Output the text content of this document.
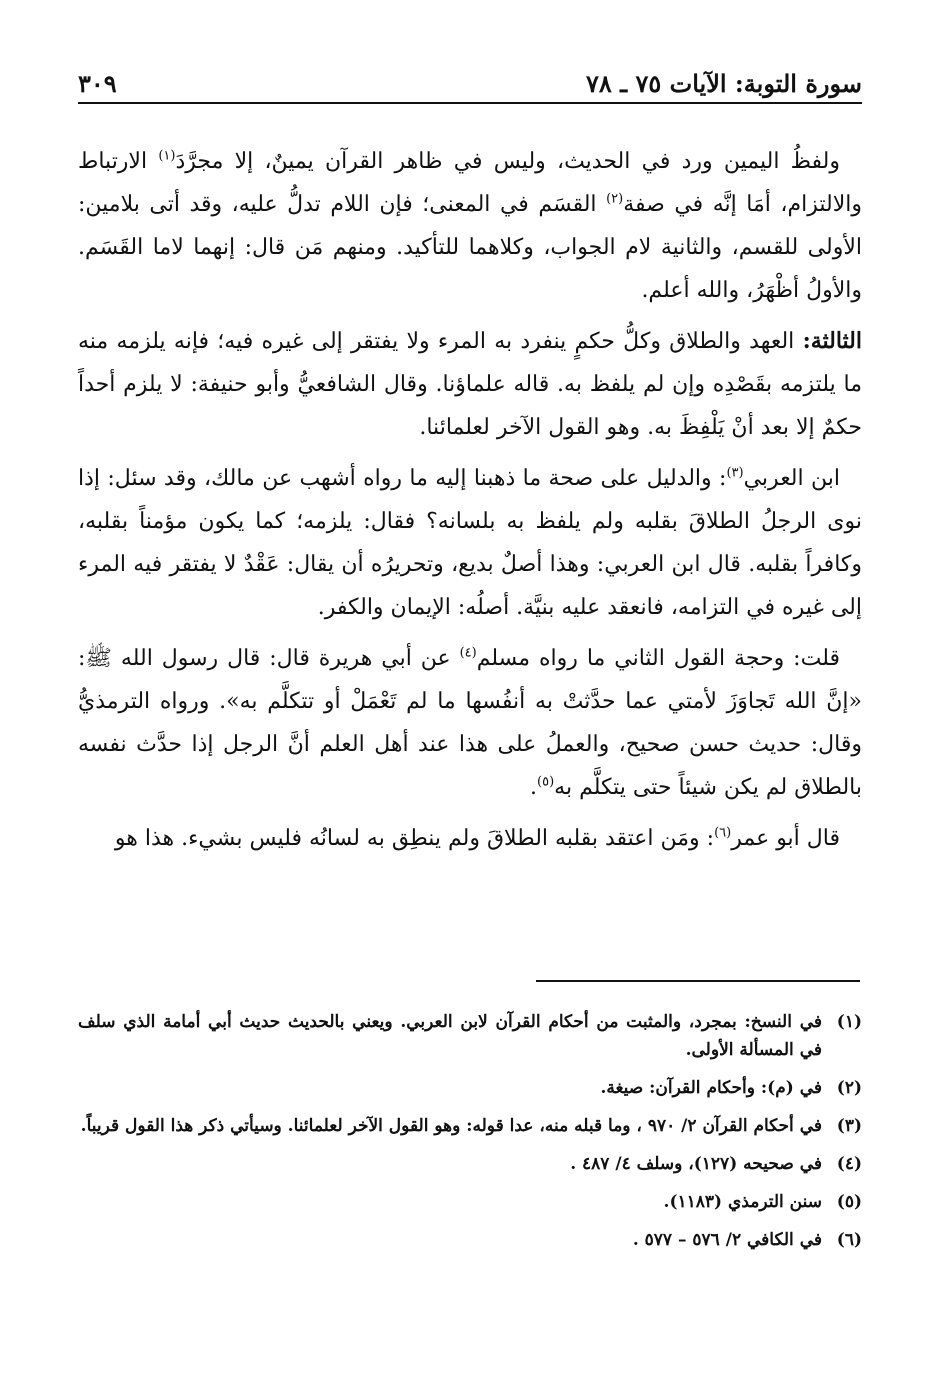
سورة التوبة: الآيات ٧٥ ـ ٧٨
٣٠٩

ولفظُ اليمين ورد في الحديث، وليس في ظاهر القرآن يمينٌ، إلا مجرَّدَ$^{(١)}$ الارتباط والالتزام، أمَا إنَّه في صفة$^{(٢)}$ القسَم في المعنى؛ فإن اللام تدلُّ عليه، وقد أتى بلامين: الأولى للقسم، والثانية لام الجواب، وكلاهما للتأكيد. ومنهم مَن قال: إنهما لاما القَسَم. والأولُ أظْهَرُ، والله أعلم.

الثالثة: العهد والطلاق وكلُّ حكمٍ ينفرد به المرء ولا يفتقر إلى غيره فيه؛ فإنه يلزمه منه ما يلتزمه بقَصْدِه وإن لم يلفظ به. قاله علماؤنا. وقال الشافعيُّ وأبو حنيفة: لا يلزم أحداً حكمٌ إلا بعد أنْ يَلْفِظَ به. وهو القول الآخر لعلمائنا.

ابن العربي$^{(٣)}$: والدليل على صحة ما ذهبنا إليه ما رواه أشهب عن مالك، وقد سئل: إذا نوى الرجلُ الطلاقَ بقلبه ولم يلفظ به بلسانه؟ فقال: يلزمه؛ كما يكون مؤمناً بقلبه، وكافراً بقلبه. قال ابن العربي: وهذا أصلٌ بديع، وتحريرُه أن يقال: عَقْدٌ لا يفتقر فيه المرء إلى غيره في التزامه، فانعقد عليه بنيَّة. أصلُه: الإيمان والكفر.

قلت: وحجة القول الثاني ما رواه مسلم$^{(٤)}$ عن أبي هريرة قال: قال رسول الله ﷺ: «إنَّ الله تَجاوَزَ لأمتي عما حدَّثتْ به أنفُسها ما لم تَعْمَلْ أو تتكلَّم به». ورواه الترمذيُّ وقال: حديث حسن صحيح، والعملُ على هذا عند أهل العلم أنَّ الرجل إذا حدَّث نفسه بالطلاق لم يكن شيئاً حتى يتكلَّم به$^{(٥)}$.

قال أبو عمر$^{(٦)}$: ومَن اعتقد بقلبه الطلاقَ ولم ينطِق به لسانُه فليس بشيء. هذا هو

(١)
في النسخ: بمجرد، والمثبت من أحكام القرآن لابن العربي. ويعني بالحديث حديث أبي أمامة الذي سلف في المسألة الأولى.
(٢)
في (م): وأحكام القرآن: صيغة.
(٣)
في أحكام القرآن ٢/ ٩٧٠ ، وما قبله منه، عدا قوله: وهو القول الآخر لعلمائنا. وسيأتي ذكر هذا القول قريباً.
(٤)
في صحيحه (١٢٧)، وسلف ٤/ ٤٨٧ .
(٥)
سنن الترمذي (١١٨٣).
(٦)
في الكافي ٢/ ٥٧٦ – ٥٧٧ .
